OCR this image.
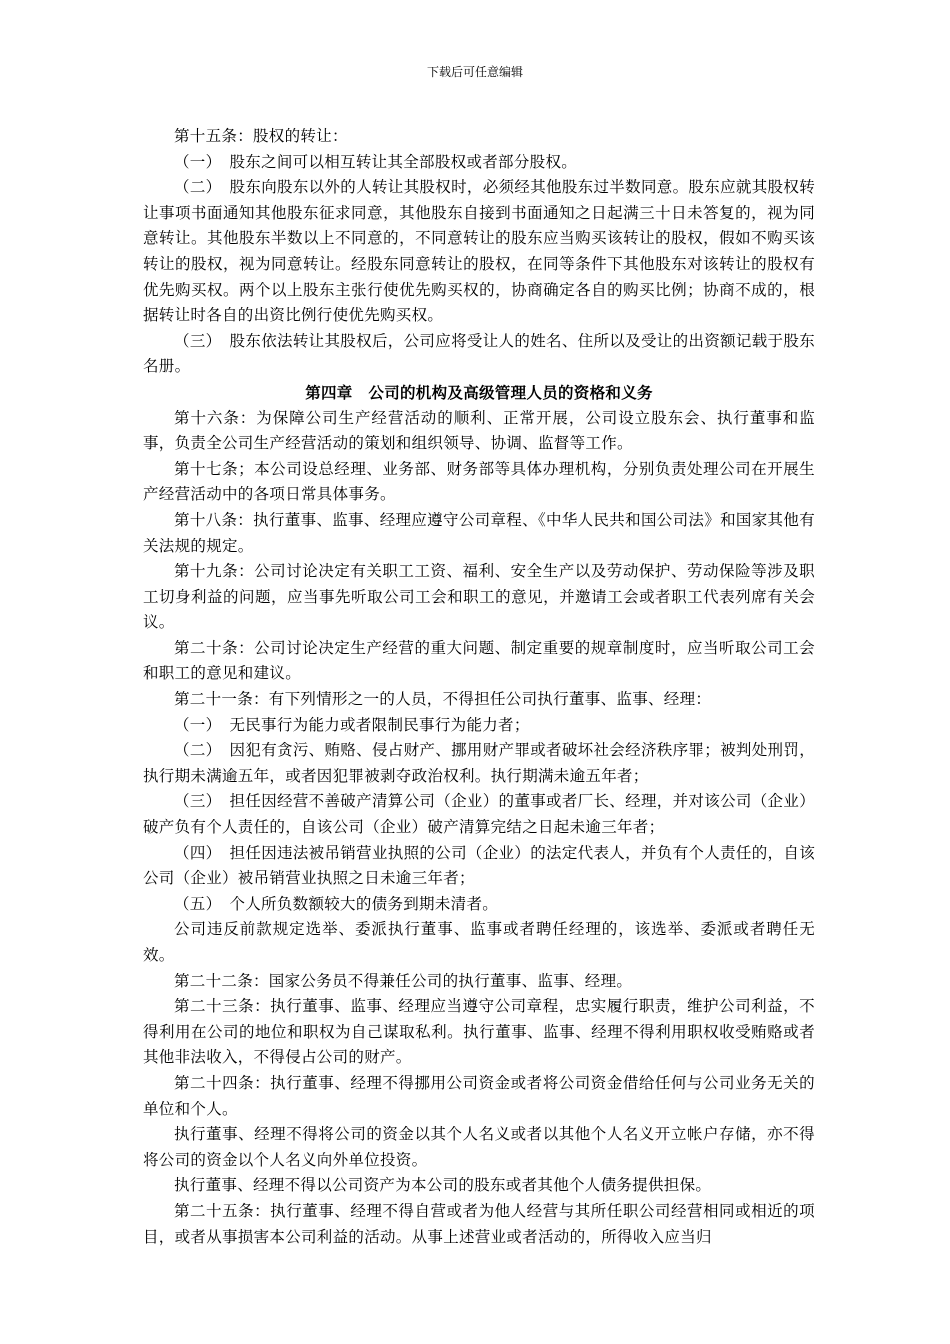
下载后可任意编辑

第十五条：股权的转让：

（一）　股东之间可以相互转让其全部股权或者部分股权。

（二）　股东向股东以外的人转让其股权时，必须经其他股东过半数同意。股东应就其股权转让事项书面通知其他股东征求同意，其他股东自接到书面通知之日起满三十日未答复的，视为同意转让。其他股东半数以上不同意的，不同意转让的股东应当购买该转让的股权，假如不购买该转让的股权，视为同意转让。经股东同意转让的股权，在同等条件下其他股东对该转让的股权有优先购买权。两个以上股东主张行使优先购买权的，协商确定各自的购买比例；协商不成的，根据转让时各自的出资比例行使优先购买权。

（三）　股东依法转让其股权后，公司应将受让人的姓名、住所以及受让的出资额记载于股东名册。

第四章　公司的机构及高级管理人员的资格和义务

第十六条：为保障公司生产经营活动的顺利、正常开展，公司设立股东会、执行董事和监事，负责全公司生产经营活动的策划和组织领导、协调、监督等工作。

第十七条；本公司设总经理、业务部、财务部等具体办理机构，分别负责处理公司在开展生产经营活动中的各项日常具体事务。

第十八条：执行董事、监事、经理应遵守公司章程、《中华人民共和国公司法》和国家其他有关法规的规定。

第十九条：公司讨论决定有关职工工资、福利、安全生产以及劳动保护、劳动保险等涉及职工切身利益的问题，应当事先听取公司工会和职工的意见，并邀请工会或者职工代表列席有关会议。

第二十条：公司讨论决定生产经营的重大问题、制定重要的规章制度时，应当听取公司工会和职工的意见和建议。

第二十一条：有下列情形之一的人员，不得担任公司执行董事、监事、经理：

（一）　无民事行为能力或者限制民事行为能力者；

（二）　因犯有贪污、贿赂、侵占财产、挪用财产罪或者破坏社会经济秩序罪；被判处刑罚，执行期未满逾五年，或者因犯罪被剥夺政治权利。执行期满未逾五年者；

（三）　担任因经营不善破产清算公司（企业）的董事或者厂长、经理，并对该公司（企业）破产负有个人责任的，自该公司（企业）破产清算完结之日起未逾三年者；

（四）　担任因违法被吊销营业执照的公司（企业）的法定代表人，并负有个人责任的，自该公司（企业）被吊销营业执照之日未逾三年者；

（五）　个人所负数额较大的债务到期未清者。

公司违反前款规定选举、委派执行董事、监事或者聘任经理的，该选举、委派或者聘任无效。

第二十二条：国家公务员不得兼任公司的执行董事、监事、经理。

第二十三条：执行董事、监事、经理应当遵守公司章程，忠实履行职责，维护公司利益，不得利用在公司的地位和职权为自己谋取私利。执行董事、监事、经理不得利用职权收受贿赂或者其他非法收入，不得侵占公司的财产。

第二十四条：执行董事、经理不得挪用公司资金或者将公司资金借给任何与公司业务无关的单位和个人。

执行董事、经理不得将公司的资金以其个人名义或者以其他个人名义开立帐户存储，亦不得将公司的资金以个人名义向外单位投资。

执行董事、经理不得以公司资产为本公司的股东或者其他个人债务提供担保。

第二十五条：执行董事、经理不得自营或者为他人经营与其所任职公司经营相同或相近的项目，或者从事损害本公司利益的活动。从事上述营业或者活动的，所得收入应当归
